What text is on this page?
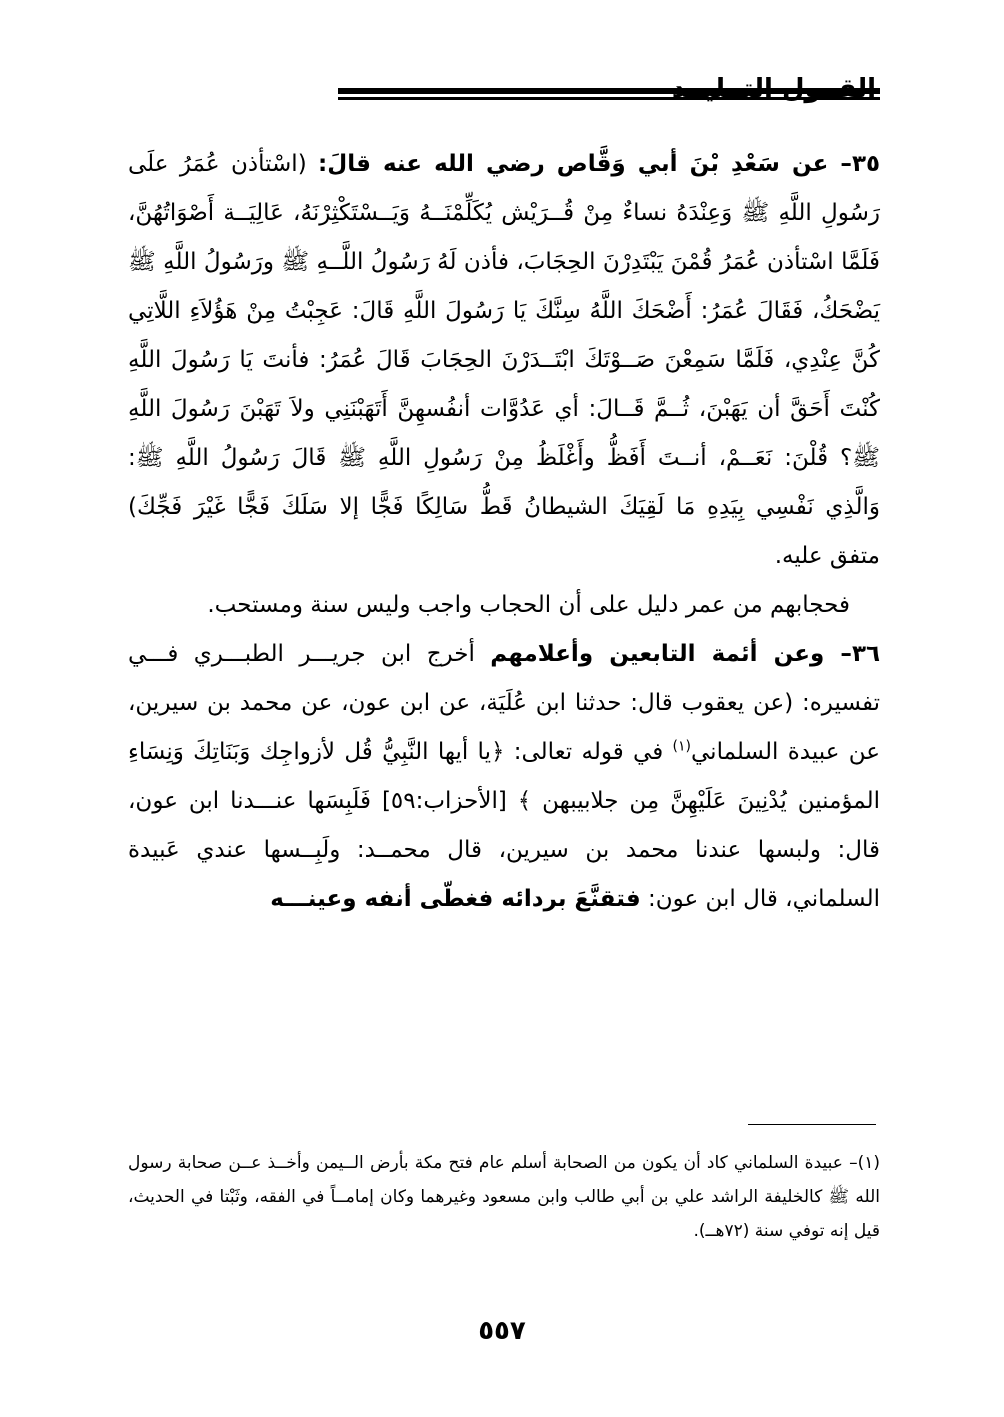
٣٥– عن سَعْدِ بْنَ أبي وَقَّاص رضي الله عنه قالَ: (اسْتأذن عُمَرُ علَى رَسُولِ اللَّهِ ﷺ وَعِنْدَهُ نساءٌ مِنْ قُــرَيْش يُكَلِّمْنَــهُ وَيَــسْتَكْثِرْنَهُ، عَالِيَــة أَصْوَاتُهُنَّ، فَلَمَّا اسْتأذن عُمَرُ قُمْنَ يَبْتَدِرْنَ الحِجَابَ، فأذن لَهُ رَسُولُ اللَّــهِ ﷺ ورَسُولُ اللَّهِ ﷺ يَضْحَكُ، فَقَالَ عُمَرُ: أَضْحَكَ اللَّهُ سِنَّكَ يَا رَسُولَ اللَّهِ قَالَ: عَجِبْتُ مِنْ هَؤُلاَءِ اللَّاتِي كُنَّ عِنْدِي، فَلَمَّا سَمِعْنَ صَــوْتَكَ ابْتَــدَرْنَ الحِجَابَ قَالَ عُمَرُ: فأنتَ يَا رَسُولَ اللَّهِ كُنْتَ أَحَقَّ أن يَهَبْنَ، ثُــمَّ قَــالَ: أي عَدُوَّات أنفُسهِنَّ أَتَهَبْنَنِي ولاَ تَهَبْنَ رَسُولَ اللَّهِ ﷺ؟ قُلْنَ: نَعَــمْ، أنــتَ أَفَظُّ وأَغْلَظُ مِنْ رَسُولِ اللَّهِ ﷺ قَالَ رَسُولُ اللَّهِ ﷺ: وَالَّذِي نَفْسِي بِيَدِهِ مَا لَقِيَكَ الشيطانُ قَطُّ سَالِكًا فَجًّا إلا سَلَكَ فَجًّا غَيْرَ فَجِّكَ) متفق عليه.

فحجابهم من عمر دليل على أن الحجاب واجب وليس سنة ومستحب.

٣٦– وعن أئمة التابعين وأعلامهم أخرج ابن جريـــر الطبـــري فـــي تفسيره: (عن يعقوب قال: حدثنا ابن عُلَيَة، عن ابن عون، عن محمد بن سيرين، عن عبيدة السلماني$^{(١)}$ في قوله تعالى: ﴿يا أيها النَّبِيُّ قُل لأزواجِك وَبَنَاتِكَ وَنِسَاءِ المؤمنين يُدْنِينَ عَلَيْهِنَّ مِن جلابيبهن ﴾ [الأحزاب:٥٩] فَلَبِسَها عنـــدنا ابن عون، قال: ولبسها عندنا محمد بن سيرين، قال محمــد: ولَبِــسها عندي عَبيدة السلماني، قال ابن عون: فتقنَّعَ بردائه فغطّى أنفه وعينـــه

(١)– عبيدة السلماني كاد أن يكون من الصحابة أسلم عام فتح مكة بأرض الــيمن وأخــذ عــن صحابة رسول الله ﷺ كالخليفة الراشد علي بن أبي طالب وابن مسعود وغيرهما وكان إمامــاً في الفقه، وثَبْتا في الحديث، قيل إنه توفي سنة (٧٢هــ).
٥٥٧
